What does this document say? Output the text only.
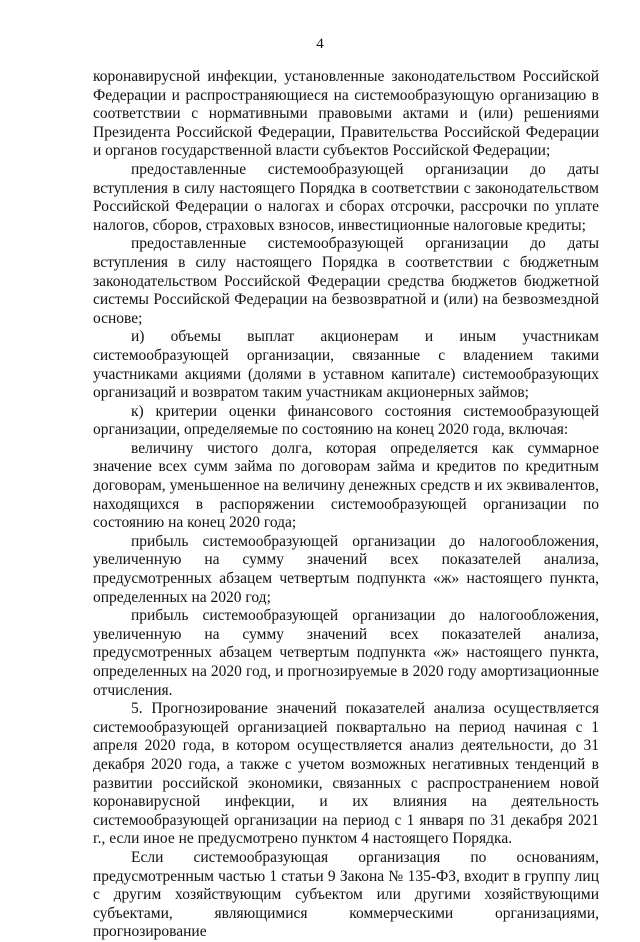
4

коронавирусной инфекции, установленные законодательством Российской Федерации и распространяющиеся на системообразующую организацию в соответствии с нормативными правовыми актами и (или) решениями Президента Российской Федерации, Правительства Российской Федерации и органов государственной власти субъектов Российской Федерации;

предоставленные системообразующей организации до даты вступления в силу настоящего Порядка в соответствии с законодательством Российской Федерации о налогах и сборах отсрочки, рассрочки по уплате налогов, сборов, страховых взносов, инвестиционные налоговые кредиты;

предоставленные системообразующей организации до даты вступления в силу настоящего Порядка в соответствии с бюджетным законодательством Российской Федерации средства бюджетов бюджетной системы Российской Федерации на безвозвратной и (или) на безвозмездной основе;

и) объемы выплат акционерам и иным участникам системообразующей организации, связанные с владением такими участниками акциями (долями в уставном капитале) системообразующих организаций и возвратом таким участникам акционерных займов;

к) критерии оценки финансового состояния системообразующей организации, определяемые по состоянию на конец 2020 года, включая:

величину чистого долга, которая определяется как суммарное значение всех сумм займа по договорам займа и кредитов по кредитным договорам, уменьшенное на величину денежных средств и их эквивалентов, находящихся в распоряжении системообразующей организации по состоянию на конец 2020 года;

прибыль системообразующей организации до налогообложения, увеличенную на сумму значений всех показателей анализа, предусмотренных абзацем четвертым подпункта «ж» настоящего пункта, определенных на 2020 год;

прибыль системообразующей организации до налогообложения, увеличенную на сумму значений всех показателей анализа, предусмотренных абзацем четвертым подпункта «ж» настоящего пункта, определенных на 2020 год, и прогнозируемые в 2020 году амортизационные отчисления.

5. Прогнозирование значений показателей анализа осуществляется системообразующей организацией поквартально на период начиная с 1 апреля 2020 года, в котором осуществляется анализ деятельности, до 31 декабря 2020 года, а также с учетом возможных негативных тенденций в развитии российской экономики, связанных с распространением новой коронавирусной инфекции, и их влияния на деятельность системообразующей организации на период с 1 января по 31 декабря 2021 г., если иное не предусмотрено пунктом 4 настоящего Порядка.

Если системообразующая организация по основаниям, предусмотренным частью 1 статьи 9 Закона № 135-ФЗ, входит в группу лиц с другим хозяйствующим субъектом или другими хозяйствующими субъектами, являющимися коммерческими организациями, прогнозирование
